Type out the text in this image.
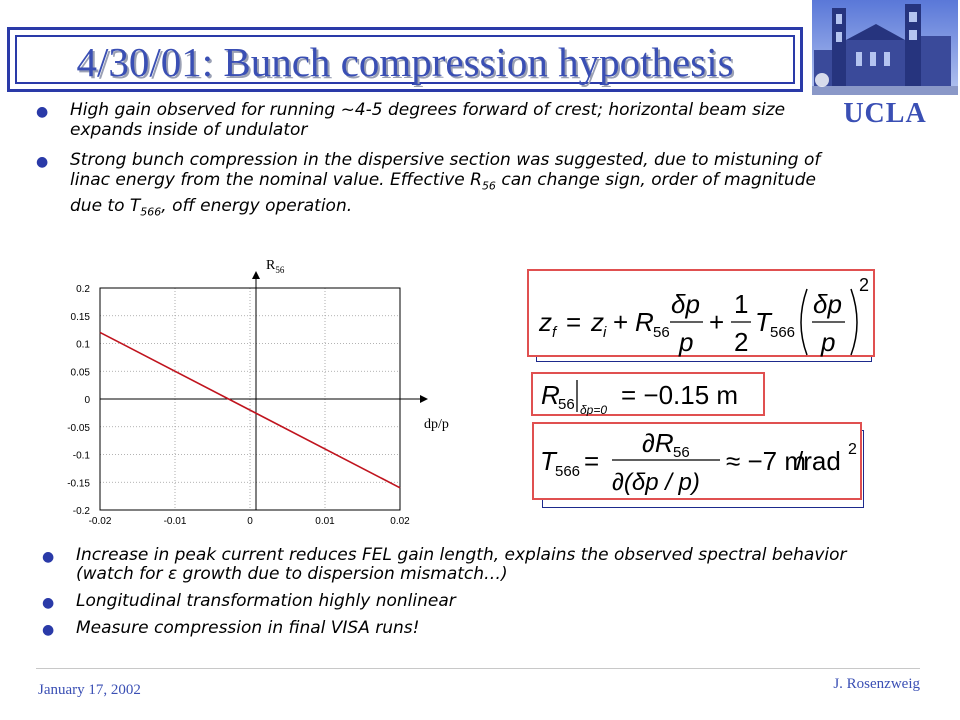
4/30/01: Bunch compression hypothesis
UCLA
● High gain observed for running ~4-5 degrees forward of crest; horizontal beam size expands inside of undulator
● Strong bunch compression in the dispersive section was suggested, due to mistuning of linac energy from the nominal value. Effective $R_{56}$ can change sign, order of magnitude due to $T_{566}$, off energy operation.
-0.02	-0.01	0	0.01	0.02
0.2
0.15
0.1
0.05
0
-0.05
-0.1
-0.15
-0.2
$R_{56}$
dp/p
z f = z i + R 56
δp
p
+
1
2
T 566
δp
p
2
R
56 δp=0 = −0.15 m
T 566 =
∂R 56
∂(δp / p)
≈ −7 m
/rad 2
● Increase in peak current reduces FEL gain length, explains the observed spectral behavior (watch for ε growth due to dispersion mismatch…)
● Longitudinal transformation highly nonlinear
● Measure compression in final VISA runs!
January 17, 2002	J. Rosenzweig
